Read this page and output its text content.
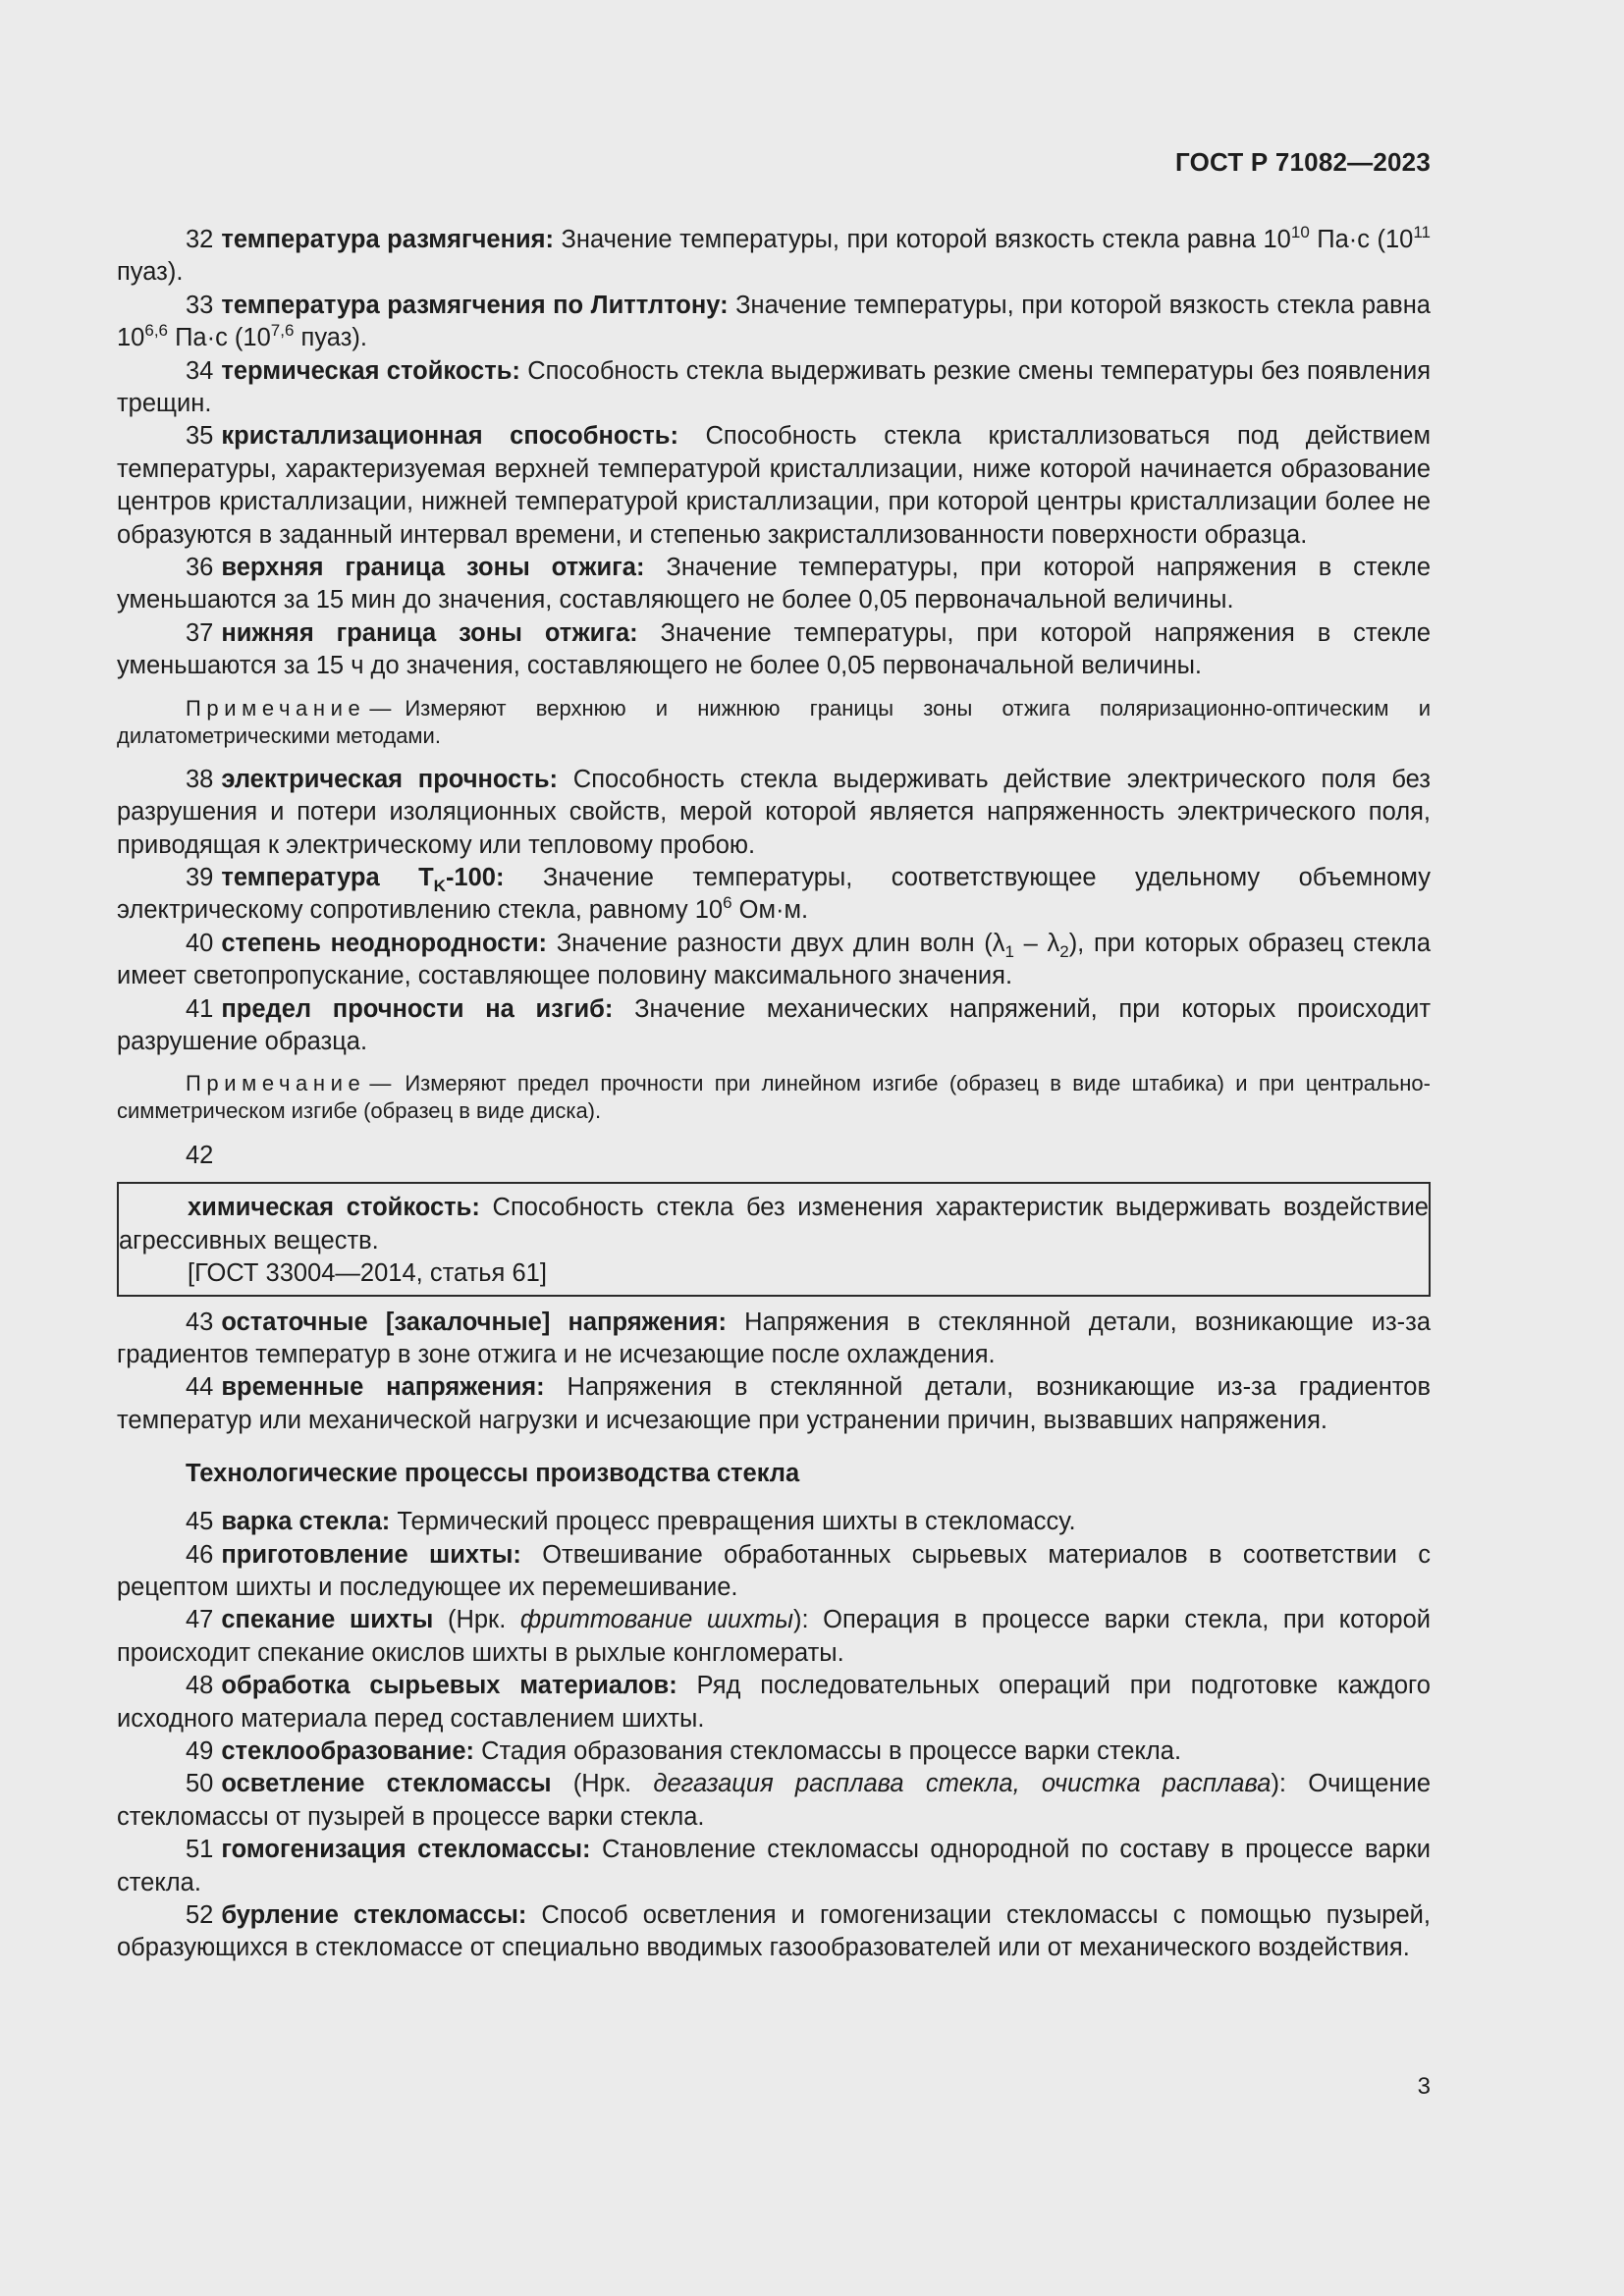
ГОСТ Р 71082—2023

32 температура размягчения: Значение температуры, при которой вязкость стекла равна $10^{10}$ Па·с ($10^{11}$ пуаз).

33 температура размягчения по Литтлтону: Значение температуры, при которой вязкость стекла равна 10$^{6,6}$ Па·с (10$^{7,6}$ пуаз).

34 термическая стойкость: Способность стекла выдерживать резкие смены температуры без появления трещин.

35 кристаллизационная способность: Способность стекла кристаллизоваться под действием температуры, характеризуемая верхней температурой кристаллизации, ниже которой начинается образование центров кристаллизации, нижней температурой кристаллизации, при которой центры кристаллизации более не образуются в заданный интервал времени, и степенью закристаллизованности поверхности образца.

36 верхняя граница зоны отжига: Значение температуры, при которой напряжения в стекле уменьшаются за 15 мин до значения, составляющего не более 0,05 первоначальной величины.

37 нижняя граница зоны отжига: Значение температуры, при которой напряжения в стекле уменьшаются за 15 ч до значения, составляющего не более 0,05 первоначальной величины.

Примечание — Измеряют верхнюю и нижнюю границы зоны отжига поляризационно-оптическим и дилатометрическими методами.

38 электрическая прочность: Способность стекла выдерживать действие электрического поля без разрушения и потери изоляционных свойств, мерой которой является напряженность электрического поля, приводящая к электрическому или тепловому пробою.

39 температура $T_K-100$: Значение температуры, соответствующее удельному объемному электрическому сопротивлению стекла, равному $10^6$ Ом·м.

40 степень неоднородности: Значение разности двух длин волн $(\lambda_1 - \lambda_2)$, при которых образец стекла имеет светопропускание, составляющее половину максимального значения.

41 предел прочности на изгиб: Значение механических напряжений, при которых происходит разрушение образца.

Примечание — Измеряют предел прочности при линейном изгибе (образец в виде штабика) и при центрально-симметрическом изгибе (образец в виде диска).

42

химическая стойкость: Способность стекла без изменения характеристик выдерживать воздействие агрессивных веществ.

[ГОСТ 33004—2014, статья 61]

43 остаточные [закалочные] напряжения: Напряжения в стеклянной детали, возникающие из-за градиентов температур в зоне отжига и не исчезающие после охлаждения.

44 временные напряжения: Напряжения в стеклянной детали, возникающие из-за градиентов температур или механической нагрузки и исчезающие при устранении причин, вызвавших напряжения.

Технологические процессы производства стекла

45 варка стекла: Термический процесс превращения шихты в стекломассу.

46 приготовление шихты: Отвешивание обработанных сырьевых материалов в соответствии с рецептом шихты и последующее их перемешивание.

47 спекание шихты (Нрк. фриттование шихты): Операция в процессе варки стекла, при которой происходит спекание окислов шихты в рыхлые конгломераты.

48 обработка сырьевых материалов: Ряд последовательных операций при подготовке каждого исходного материала перед составлением шихты.

49 стеклообразование: Стадия образования стекломассы в процессе варки стекла.

50 осветление стекломассы (Нрк. дегазация расплава стекла, очистка расплава): Очищение стекломассы от пузырей в процессе варки стекла.

51 гомогенизация стекломассы: Становление стекломассы однородной по составу в процессе варки стекла.

52 бурление стекломассы: Способ осветления и гомогенизации стекломассы с помощью пузырей, образующихся в стекломассе от специально вводимых газообразователей или от механического воздействия.

3
